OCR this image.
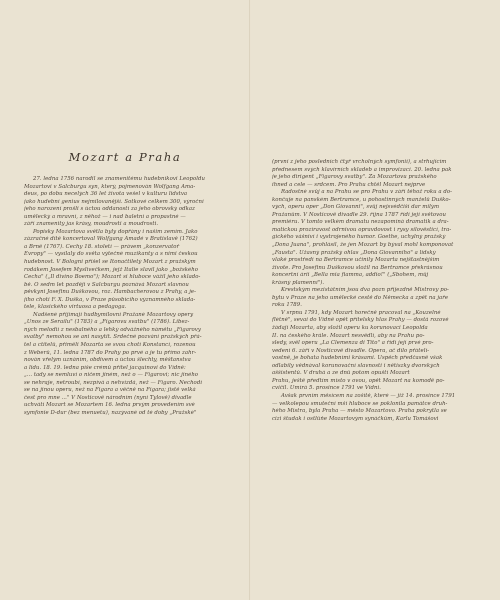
Mozart a Praha
27. ledna 1756 narodil se znamenitému hudebníkovi Leopoldu
Mozartovi v Salcburgu syn, který, pojmenován Wolfgang Ama-
deus, po dobu necelých 36 let života vešel v kulturu lidstva
jako hudební genius nejmilovanější. Sotkové celkem 300, výroční
jeho narození prošli s úctou oddaností za jeho obrovský odkaz
umělecký a mravní, z něhož — i nad baletní a propastné —
září znamenitý jas krásy, moudrosti a moudrosti.
Popisky Mozartova světla byly dopřány i našim zemím. Jako
zázračné dítě koncertoval Wolfgang Amadé v Bratislavě (1762)
a Brně (1767). Čechy 18. století — právem „konzervatoř
Evropy" — vysílaly do světa výtečné muzikanty a s nimi českou
hudebnost. V Bologni přišel se Itonačtiletý Mozart z pražským
rodákem Josefem Myslivečkem, jejž Italie slavil jako „božského
Čecha" („Il divino Boemo"); Mozart si hluboce vážil jeho sklado-
bě. O sedm let později v Salcburgu poznává Mozart slavnou
pěvkyni Josefinu Duškovou, roz. Hambacherovou z Prahy, a je-
jího choti F. X. Duška, v Praze působícího významného sklada-
tele, klasického virtuosa a pedagoga.
Nadšené přijímají hudbymilovní Pražané Mozartovy opery
„Únos ze Serailu" (1783) a „Figarovu svatbu" (1786). Libez-
ných melodií z nesbalného a lehký odvážného námětu „Figarovy
svatby" nemohou se ani nasytit. Srdečné pozvání pražských přá-
tel a ctitelů, přiměli Mozarta se svou chotí Konstancí, rozenou
z Weberů, 11. ledna 1787 do Prahy po prvé a je tu přímo zahr-
nován vřelým uznáním, obdivem a úctou šlechty, měšťanstva
a lidu. 18. 19. ledna píše crémů přítel jacquinovi do Vídně:
„... tady se nemluví o ničem jiném, než o — Figarovi; nic jiného
se nehraje, netroubí, nezpívá a nehvízdá, než — Figaro. Nechodí
se na jinou operu, než na Figara a věčně na Figara; jistě velká
čest pro mne ..." V Nosticově národním (nyní Tylově) divadle
uchvátí Mozart se Mozartem 16. ledna prvým provedením své
symfonie D-dur (bez menuetu), nazývané od té doby „Pražské"
(první z jeho posledních čtyř vrcholných symfonií), a strhujícím
přednesem svých klavírních skladeb a improvizací. 20. ledna pak
je jeho dirigent „Figarovy svatby". Za Mozartovu pražského
ihned a cele — srdcem. Pro Prahu chtěl Mozart nejprve
Radostné svůj a na Prahu se pro Prahu v září téhož roku a do-
končuje na panském Bertramce, u pohostinných manželů Duško-
vých, operu oper „Don Giovanni", svůj nejsvédčiší dar milým
Pražanům. V Nosticově divadle 29. října 1787 řídí její světovou
premiéru. V tomto velkém dramatu nezapomíná dramatik a dra-
matickou prozíravost odrnivou opravdovost i rysy silověsticí, tra-
gického vášniví i vystrojeného humor. Goethe, uchylný pražský
„Dona Juana", prohlásil, že jen Mozart by býval mohl komponovat
„Fausta". Úžasný pražský ohlas „Dona Giovanniho" a lidský
vlaké prostředí na Bertramce učinily Mozarta nejšťastnějším
živote. Pro Josefinu Duškovou složil na Bertramce překrásnou
koncertní árii „Bella mia fiamma, addio!" („Sbohem, můj
krásný plamenní").
Krestským mezistátním jsou dva pozn přijezdně Mistrovy po-
bytu v Praze na jeho umělecké cestě do Německa a zpět na jaře
roku 1789.
V srpnu 1791, kdy Mozart horečně pracoval na „Kouzelné
flétně", sevai do Vídně opět přítelský hlas Prahy — dostá rozové
žádají Mozarta, aby složil operu ku korunovaci Leopolda
II. na českého krále. Mozart nesvědlí, aby na Prahu po-
sledy, svěl operu „La Clemenza di Tito" a řídí její prvé pro-
vedení 6. září v Nosticově divadle. Opera, ač dílo přátelí-
vostně, je bohata hudebními krásami. Úspěch předčasně však
odlabily vědnával korunovační slavnosti i nětiszky dvorských
aššistentů. V druhá a ze dnů potom opuští Mozart
Prahu, ještě předtím místo v ovou, opět Mozart na komodě po-
cvičil. Umírá 5. prosince 1791 ve Vídni.
Avšak prvním měsícem na zošítě, které — již 14. prosince 1791
— velkolepou smuteční mší hluboce se poklonila památce druh-
hého Mistra, byla Praha — město Mozartovo. Praha pokrytla se
cizi študak i ostlůňe Mozartovým synáčkům, Karlu Tomášovi
